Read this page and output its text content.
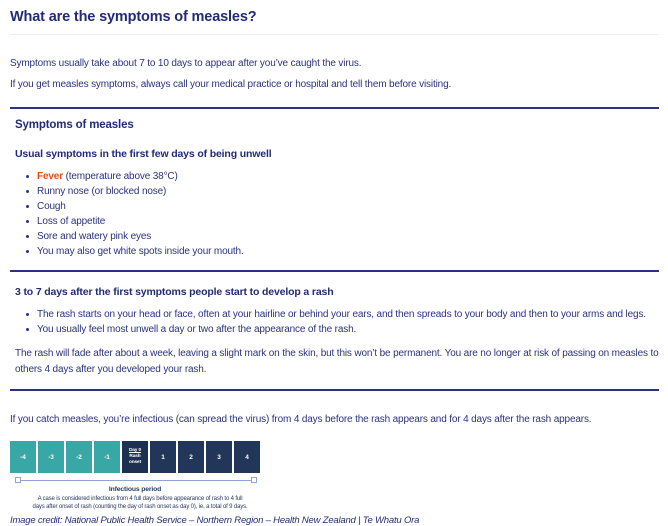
What are the symptoms of measles?

Symptoms usually take about 7 to 10 days to appear after you’ve caught the virus.

If you get measles symptoms, always call your medical practice or hospital and tell them before visiting.

Symptoms of measles
Usual symptoms in the first few days of being unwell
Fever (temperature above 38°C)
Runny nose (or blocked nose)
Cough
Loss of appetite
Sore and watery pink eyes
You may also get white spots inside your mouth.
3 to 7 days after the first symptoms people start to develop a rash
The rash starts on your head or face, often at your hairline or behind your ears, and then spreads to your body and then to your arms and legs.
You usually feel most unwell a day or two after the appearance of the rash.

The rash will fade after about a week, leaving a slight mark on the skin, but this won’t be permanent. You are no longer at risk of passing on measles to others 4 days after you developed your rash.

If you catch measles, you’re infectious (can spread the virus) from 4 days before the rash appears and for 4 days after the rash appears.

-4	-3	-2	-1
Day 0
Rash
onset
1	2	3	4
Infectious period
A case is considered infectious from 4 full days before appearance of rash to 4 full
days after onset of rash (counting the day of rash onset as day 0), ie, a total of 9 days.

Image credit: National Public Health Service – Northern Region – Health New Zealand | Te Whatu Ora
